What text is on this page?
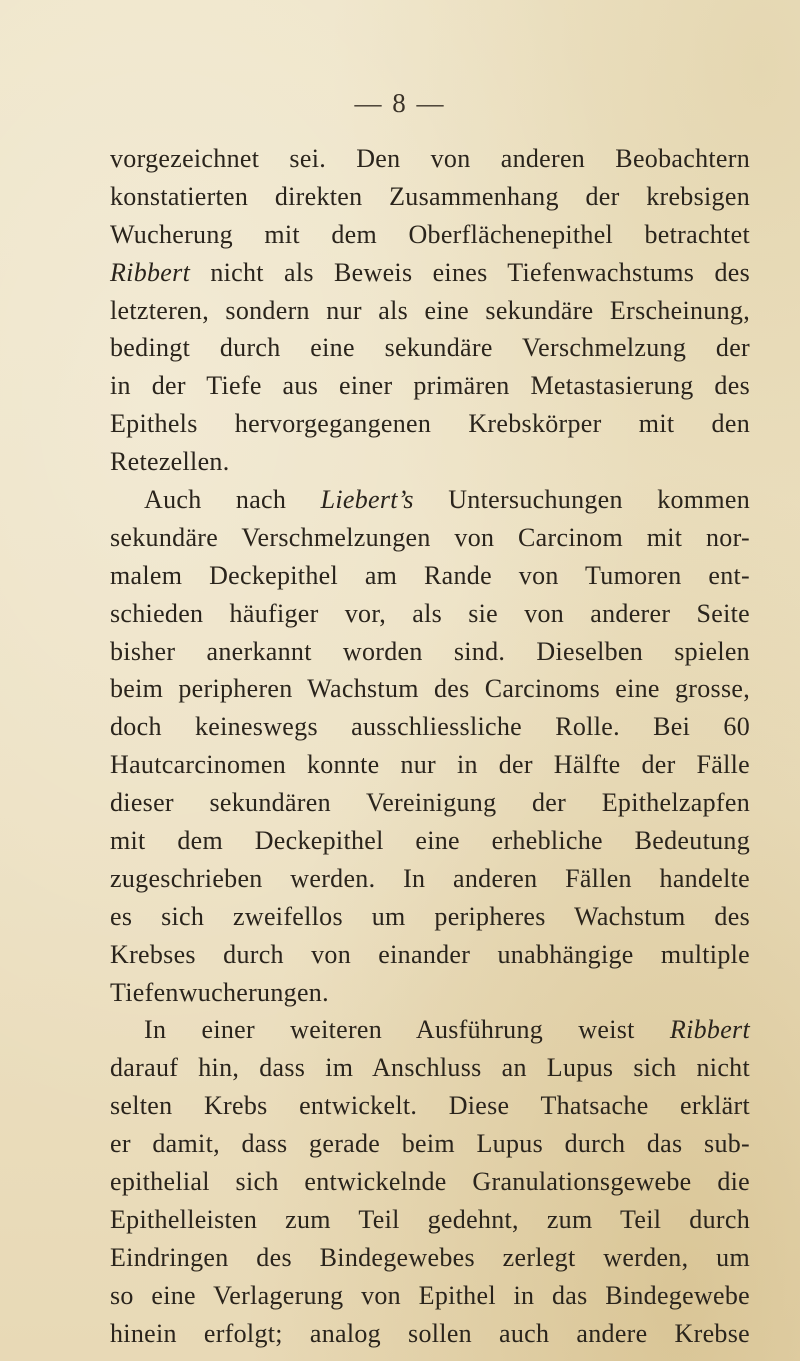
— 8 —
vorgezeichnet sei. Den von anderen Beobachtern
konstatierten direkten Zusammenhang der krebsigen
Wucherung mit dem Oberflächenepithel betrachtet
Ribbert nicht als Beweis eines Tiefenwachstums des
letzteren, sondern nur als eine sekundäre Erscheinung,
bedingt durch eine sekundäre Verschmelzung der
in der Tiefe aus einer primären Metastasierung des
Epithels hervorgegangenen Krebskörper mit den
Retezellen.
Auch nach Liebert’s Untersuchungen kommen
sekundäre Verschmelzungen von Carcinom mit nor-
malem Deckepithel am Rande von Tumoren ent-
schieden häufiger vor, als sie von anderer Seite
bisher anerkannt worden sind. Dieselben spielen
beim peripheren Wachstum des Carcinoms eine grosse,
doch keineswegs ausschliessliche Rolle. Bei 60
Hautcarcinomen konnte nur in der Hälfte der Fälle
dieser sekundären Vereinigung der Epithelzapfen
mit dem Deckepithel eine erhebliche Bedeutung
zugeschrieben werden. In anderen Fällen handelte
es sich zweifellos um peripheres Wachstum des
Krebses durch von einander unabhängige multiple
Tiefenwucherungen.
In einer weiteren Ausführung weist Ribbert
darauf hin, dass im Anschluss an Lupus sich nicht
selten Krebs entwickelt. Diese Thatsache erklärt
er damit, dass gerade beim Lupus durch das sub-
epithelial sich entwickelnde Granulationsgewebe die
Epithelleisten zum Teil gedehnt, zum Teil durch
Eindringen des Bindegewebes zerlegt werden, um
so eine Verlagerung von Epithel in das Bindegewebe
hinein erfolgt; analog sollen auch andere Krebse
